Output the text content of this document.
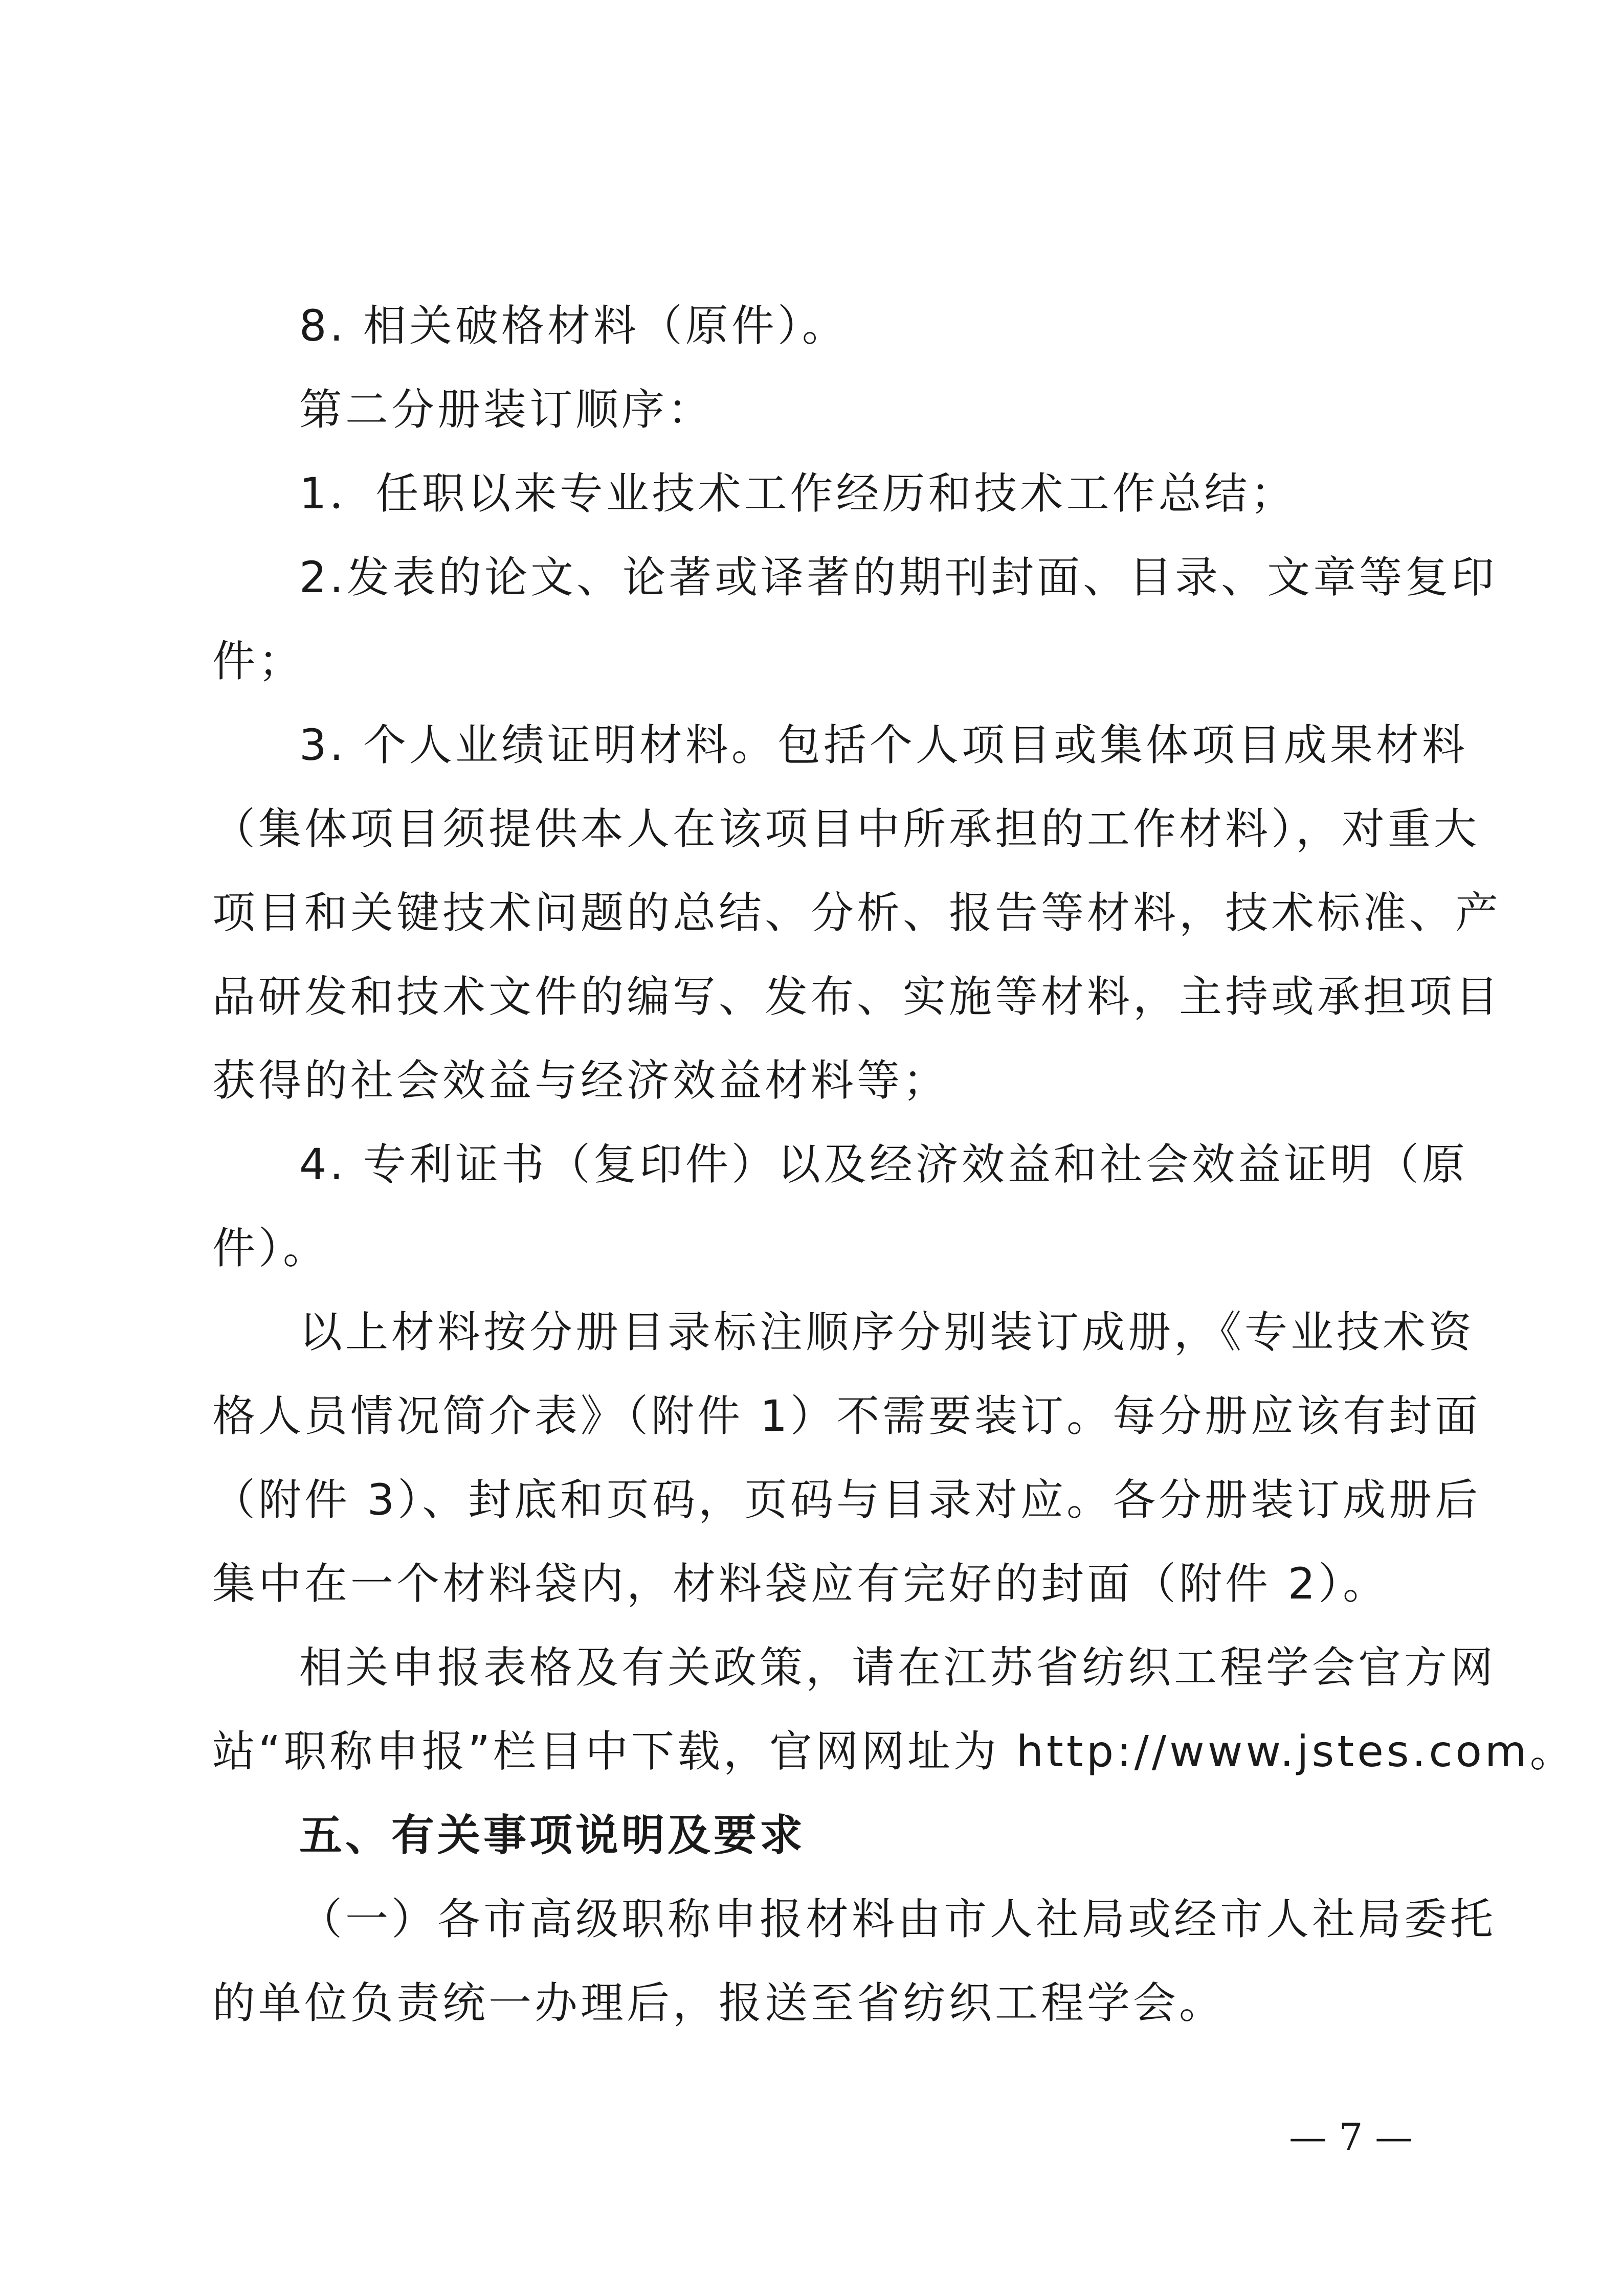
8. 相关破格材料（原件）。
第二分册装订顺序：
1．任职以来专业技术工作经历和技术工作总结；
2.发表的论文、论著或译著的期刊封面、目录、文章等复印
件；
3. 个人业绩证明材料。包括个人项目或集体项目成果材料
（集体项目须提供本人在该项目中所承担的工作材料），对重大
项目和关键技术问题的总结、分析、报告等材料，技术标准、产
品研发和技术文件的编写、发布、实施等材料，主持或承担项目
获得的社会效益与经济效益材料等；
4. 专利证书（复印件）以及经济效益和社会效益证明（原
件）。
以上材料按分册目录标注顺序分别装订成册，《专业技术资
格人员情况简介表》（附件 1）不需要装订。每分册应该有封面
（附件 3）、封底和页码，页码与目录对应。各分册装订成册后
集中在一个材料袋内，材料袋应有完好的封面（附件 2）。
相关申报表格及有关政策，请在江苏省纺织工程学会官方网
站“职称申报”栏目中下载，官网网址为 http://www.jstes.com。
五、有关事项说明及要求
（一）各市高级职称申报材料由市人社局或经市人社局委托
的单位负责统一办理后，报送至省纺织工程学会。
— 7 —
